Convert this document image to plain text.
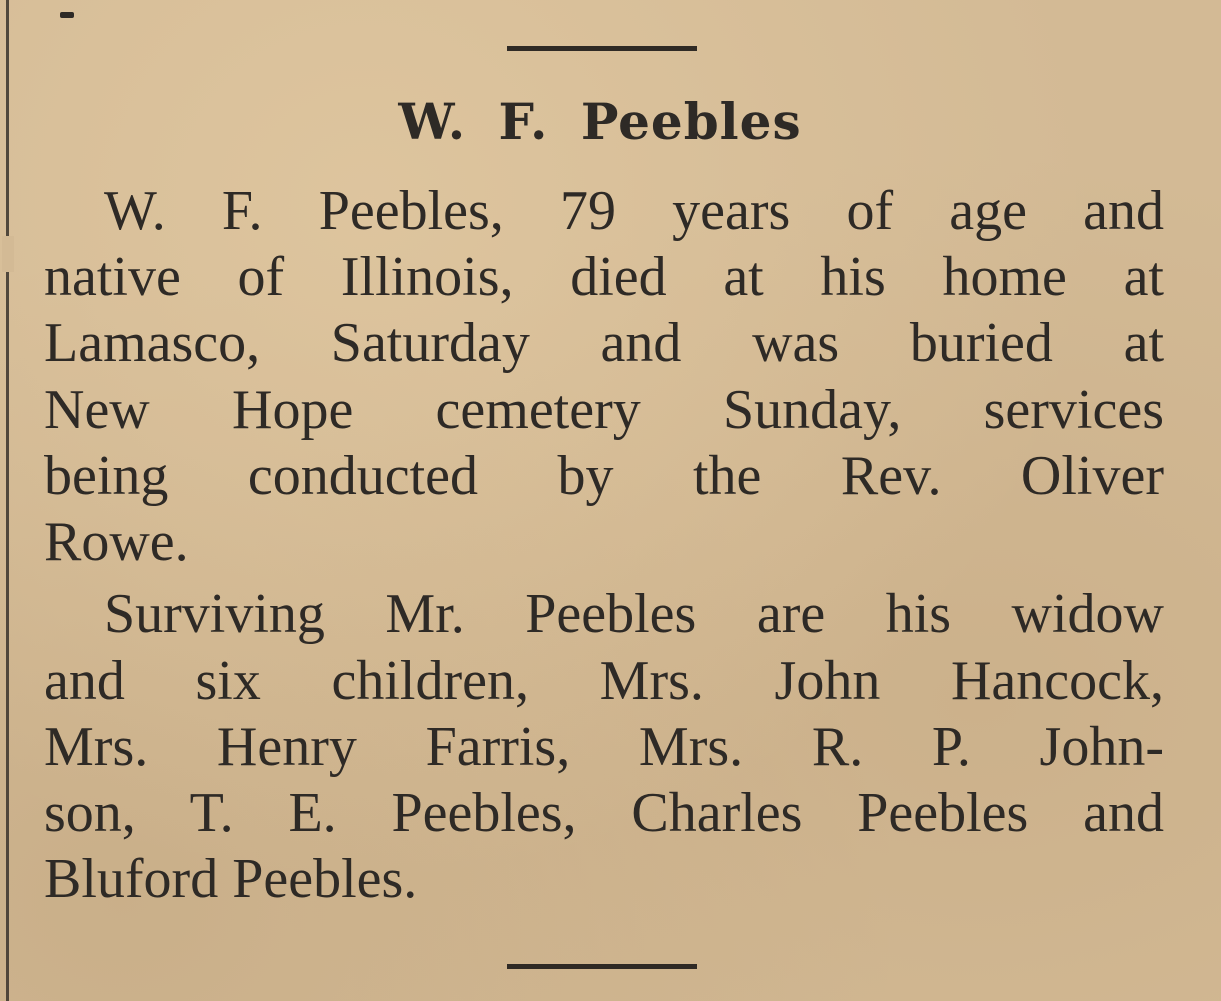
W. F. Peebles

W. F. Peebles, 79 years of age and

native of Illinois, died at his home at

Lamasco, Saturday and was buried at

New Hope cemetery Sunday, services

being conducted by the Rev. Oliver

Rowe.

Surviving Mr. Peebles are his widow

and six children, Mrs. John Hancock,

Mrs. Henry Farris, Mrs. R. P. John-

son, T. E. Peebles, Charles Peebles and

Bluford Peebles.
